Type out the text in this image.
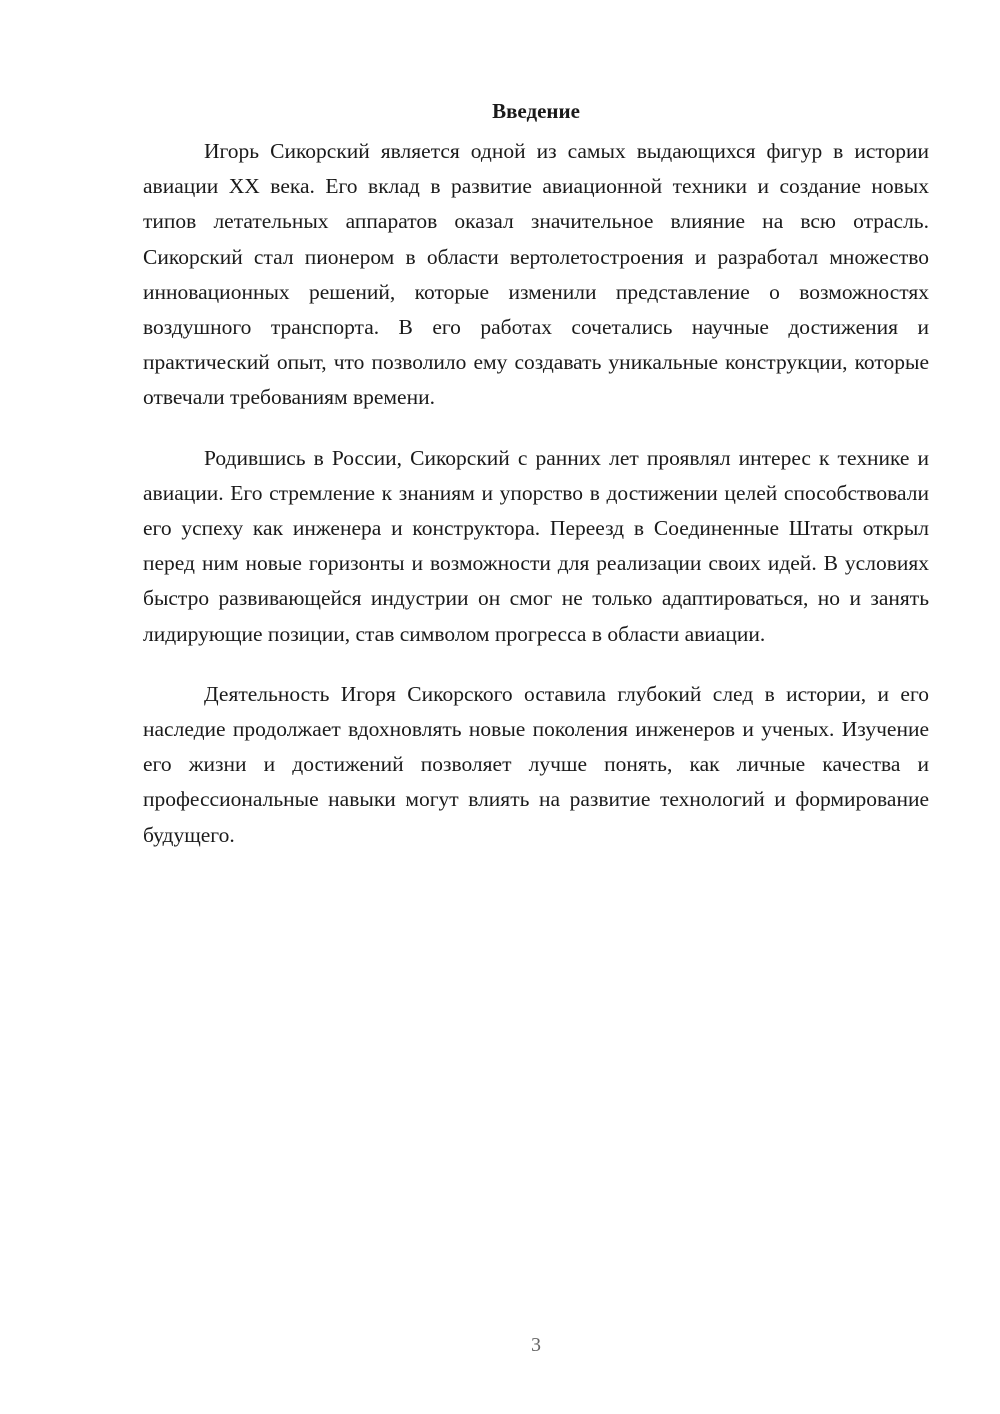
Введение

Игорь Сикорский является одной из самых выдающихся фигур в истории авиации XX века. Его вклад в развитие авиационной техники и создание новых типов летательных аппаратов оказал значительное влияние на всю отрасль. Сикорский стал пионером в области вертолетостроения и разработал множество инновационных решений, которые изменили представление о возможностях воздушного транспорта. В его работах сочетались научные достижения и практический опыт, что позволило ему создавать уникальные конструкции, которые отвечали требованиям времени.

Родившись в России, Сикорский с ранних лет проявлял интерес к технике и авиации. Его стремление к знаниям и упорство в достижении целей способствовали его успеху как инженера и конструктора. Переезд в Соединенные Штаты открыл перед ним новые горизонты и возможности для реализации своих идей. В условиях быстро развивающейся индустрии он смог не только адаптироваться, но и занять лидирующие позиции, став символом прогресса в области авиации.

Деятельность Игоря Сикорского оставила глубокий след в истории, и его наследие продолжает вдохновлять новые поколения инженеров и ученых. Изучение его жизни и достижений позволяет лучше понять, как личные качества и профессиональные навыки могут влиять на развитие технологий и формирование будущего.

3
